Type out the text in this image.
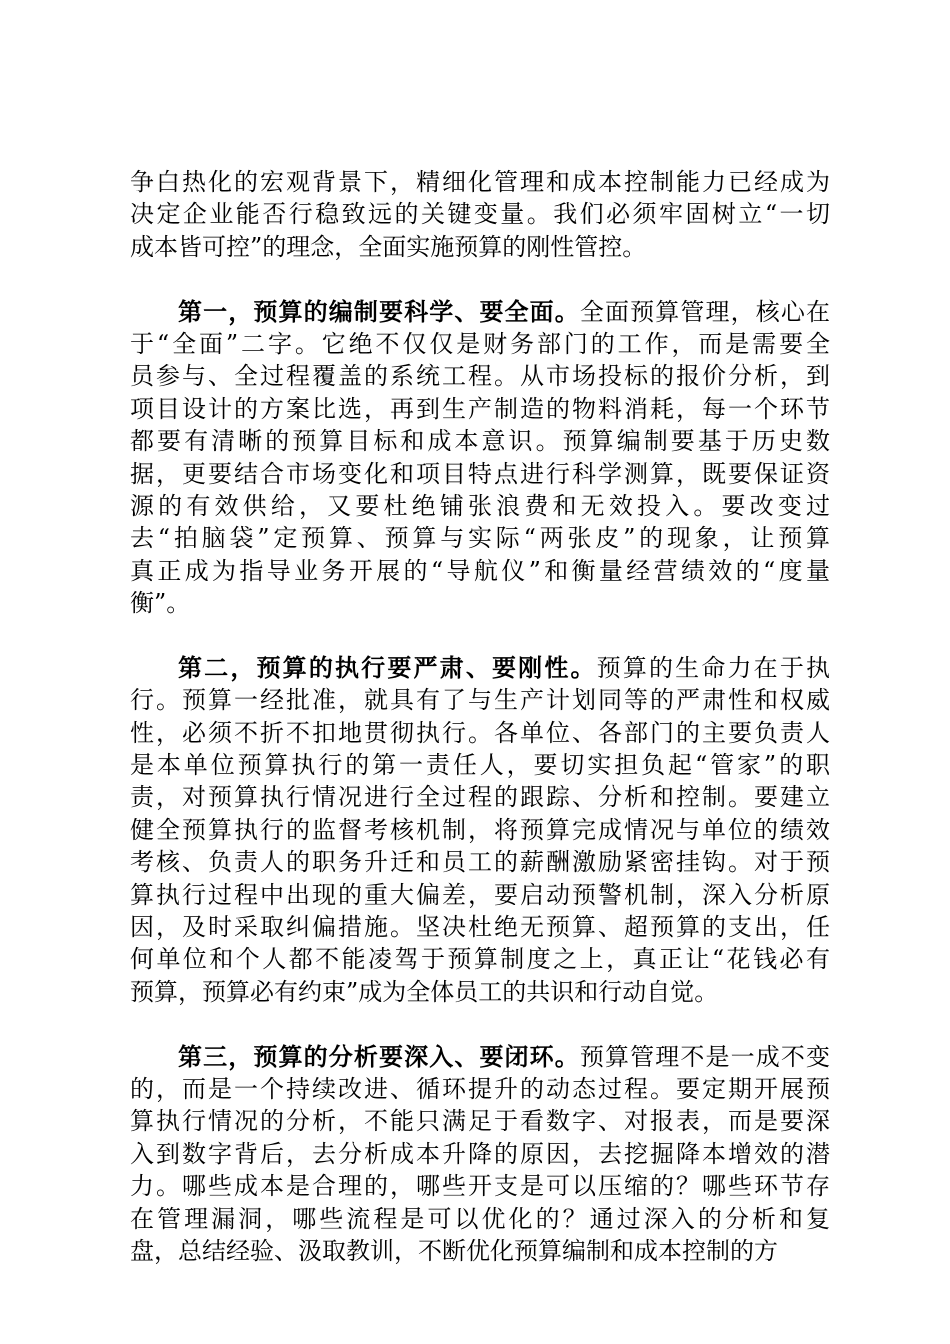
争白热化的宏观背景下，精细化管理和成本控制能力已经成为
决定企业能否行稳致远的关键变量。我们必须牢固树立“一切
成本皆可控”的理念，全面实施预算的刚性管控。
第一，预算的编制要科学、要全面。全面预算管理，核心在
于“全面”二字。它绝不仅仅是财务部门的工作，而是需要全
员参与、全过程覆盖的系统工程。从市场投标的报价分析，到
项目设计的方案比选，再到生产制造的物料消耗，每一个环节
都要有清晰的预算目标和成本意识。预算编制要基于历史数
据，更要结合市场变化和项目特点进行科学测算，既要保证资
源的有效供给，又要杜绝铺张浪费和无效投入。要改变过
去“拍脑袋”定预算、预算与实际“两张皮”的现象，让预算
真正成为指导业务开展的“导航仪”和衡量经营绩效的“度量
衡”。
第二，预算的执行要严肃、要刚性。预算的生命力在于执
行。预算一经批准，就具有了与生产计划同等的严肃性和权威
性，必须不折不扣地贯彻执行。各单位、各部门的主要负责人
是本单位预算执行的第一责任人，要切实担负起“管家”的职
责，对预算执行情况进行全过程的跟踪、分析和控制。要建立
健全预算执行的监督考核机制，将预算完成情况与单位的绩效
考核、负责人的职务升迁和员工的薪酬激励紧密挂钩。对于预
算执行过程中出现的重大偏差，要启动预警机制，深入分析原
因，及时采取纠偏措施。坚决杜绝无预算、超预算的支出，任
何单位和个人都不能凌驾于预算制度之上，真正让“花钱必有
预算，预算必有约束”成为全体员工的共识和行动自觉。
第三，预算的分析要深入、要闭环。预算管理不是一成不变
的，而是一个持续改进、循环提升的动态过程。要定期开展预
算执行情况的分析，不能只满足于看数字、对报表，而是要深
入到数字背后，去分析成本升降的原因，去挖掘降本增效的潜
力。哪些成本是合理的，哪些开支是可以压缩的？哪些环节存
在管理漏洞，哪些流程是可以优化的？通过深入的分析和复
盘，总结经验、汲取教训，不断优化预算编制和成本控制的方
